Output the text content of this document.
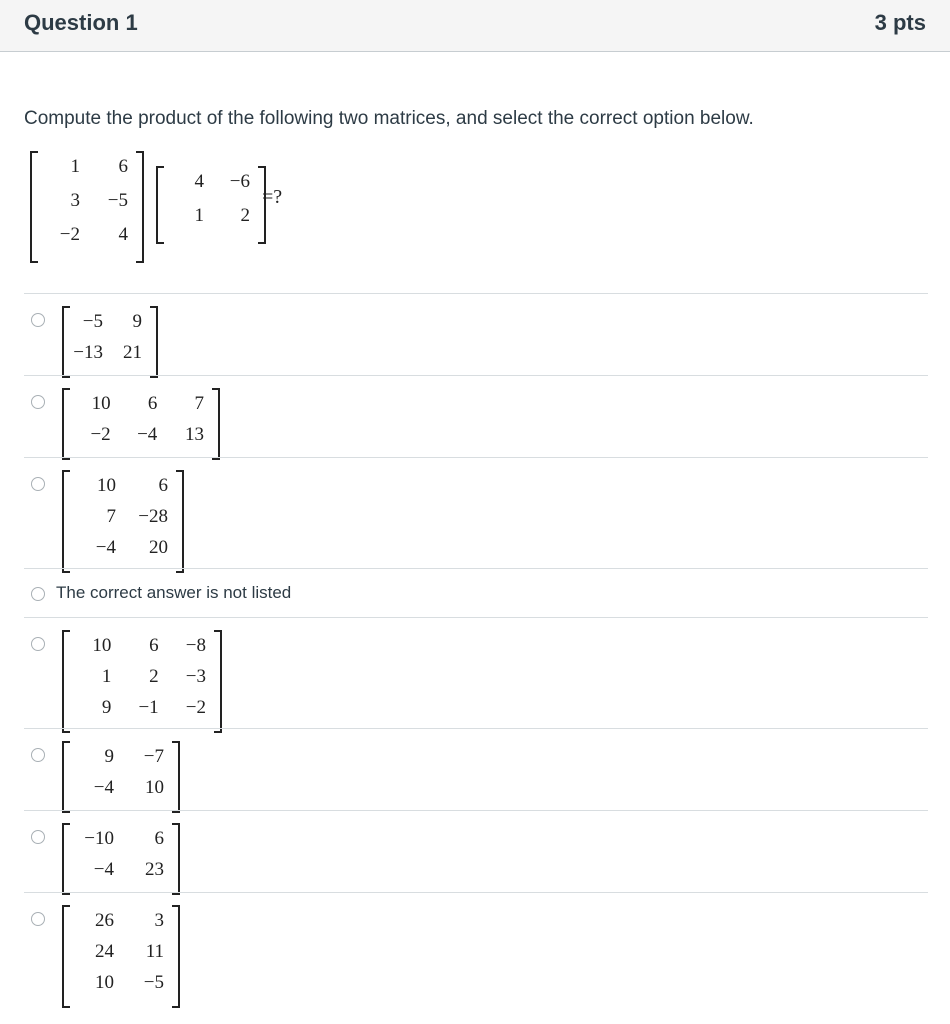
Question 1	3 pts
Compute the product of the following two matrices, and select the correct option below.
1	6
3	−5
−2	4
4	−6
1	2
=?
−5	9
−13	21
10	6	7
−2	−4	13
10	6
7	−28
−4	20
The correct answer is not listed
10	6	−8
1	2	−3
9	−1	−2
9	−7
−4	10
−10	6
−4	23
26	3
24	11
10	−5
